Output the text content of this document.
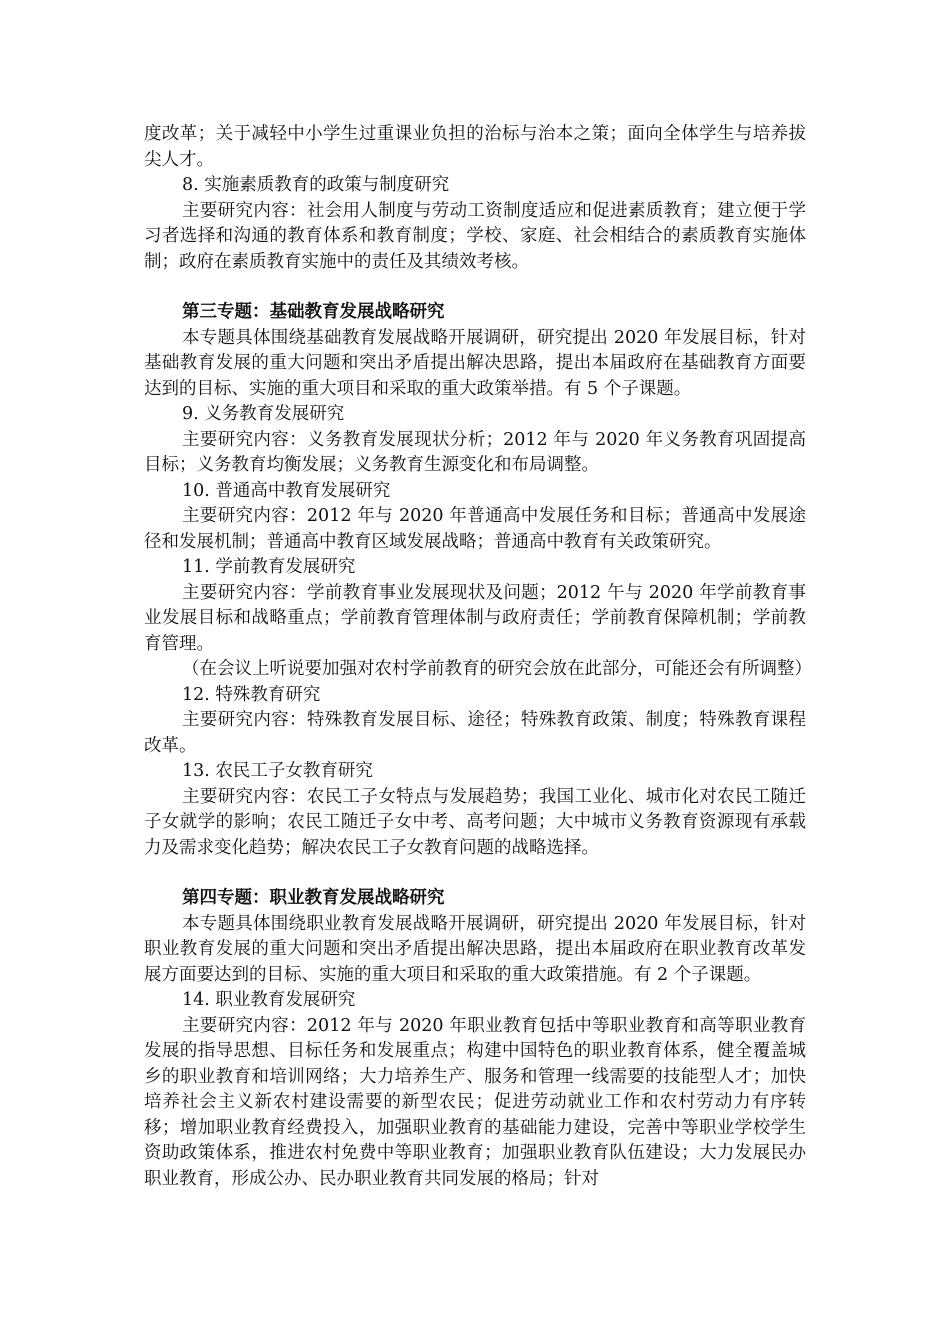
度改革；关于减轻中小学生过重课业负担的治标与治本之策；面向全体学生与培养拔尖人才。

8. 实施素质教育的政策与制度研究

主要研究内容：社会用人制度与劳动工资制度适应和促进素质教育；建立便于学习者选择和沟通的教育体系和教育制度；学校、家庭、社会相结合的素质教育实施体制；政府在素质教育实施中的责任及其绩效考核。

第三专题：基础教育发展战略研究

本专题具体围绕基础教育发展战略开展调研，研究提出 2020 年发展目标，针对基础教育发展的重大问题和突出矛盾提出解决思路，提出本届政府在基础教育方面要达到的目标、实施的重大项目和采取的重大政策举措。有 5 个子课题。

9. 义务教育发展研究

主要研究内容：义务教育发展现状分析；2012 年与 2020 年义务教育巩固提高目标；义务教育均衡发展；义务教育生源变化和布局调整。

10. 普通高中教育发展研究

主要研究内容：2012 年与 2020 年普通高中发展任务和目标；普通高中发展途径和发展机制；普通高中教育区域发展战略；普通高中教育有关政策研究。

11. 学前教育发展研究

主要研究内容：学前教育事业发展现状及问题；2012 午与 2020 年学前教育事业发展目标和战略重点；学前教育管理体制与政府责任；学前教育保障机制；学前教育管理。

（在会议上听说要加强对农村学前教育的研究会放在此部分，可能还会有所调整）

12. 特殊教育研究

主要研究内容：特殊教育发展目标、途径；特殊教育政策、制度；特殊教育课程改革。

13. 农民工子女教育研究

主要研究内容：农民工子女特点与发展趋势；我国工业化、城市化对农民工随迁子女就学的影响；农民工随迁子女中考、高考问题；大中城市义务教育资源现有承载力及需求变化趋势；解决农民工子女教育问题的战略选择。

第四专题：职业教育发展战略研究

本专题具体围绕职业教育发展战略开展调研，研究提出 2020 年发展目标，针对职业教育发展的重大问题和突出矛盾提出解决思路，提出本届政府在职业教育改革发展方面要达到的目标、实施的重大项目和采取的重大政策措施。有 2 个子课题。

14. 职业教育发展研究

主要研究内容：2012 年与 2020 年职业教育包括中等职业教育和高等职业教育发展的指导思想、目标任务和发展重点；构建中国特色的职业教育体系，健全覆盖城乡的职业教育和培训网络；大力培养生产、服务和管理一线需要的技能型人才；加快培养社会主义新农村建设需要的新型农民；促进劳动就业工作和农村劳动力有序转移；增加职业教育经费投入，加强职业教育的基础能力建设，完善中等职业学校学生资助政策体系，推进农村免费中等职业教育；加强职业教育队伍建设；大力发展民办职业教育，形成公办、民办职业教育共同发展的格局；针对
